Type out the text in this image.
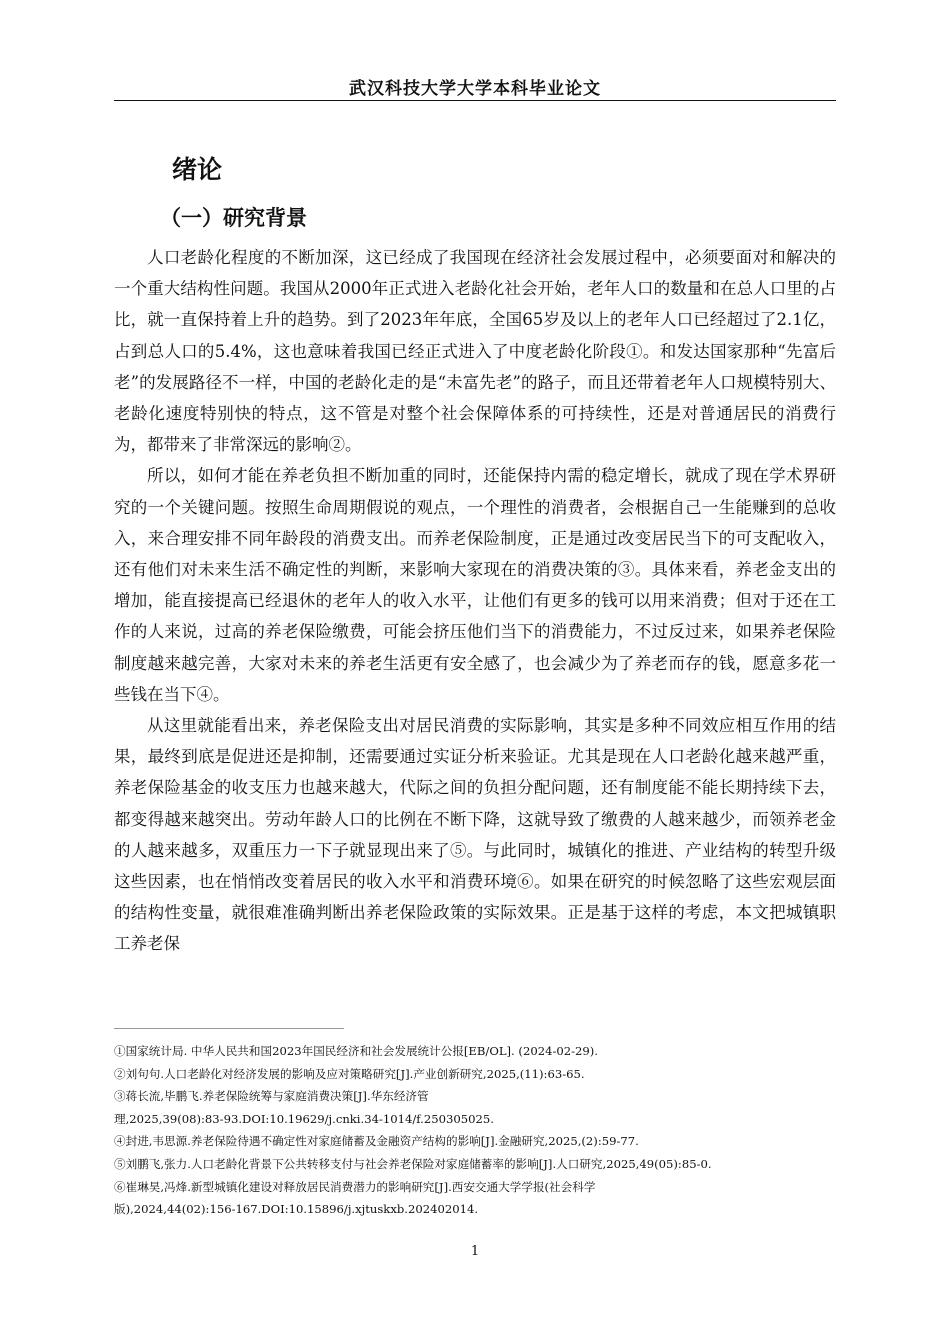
武汉科技大学大学本科毕业论文
绪论
（一）研究背景

人口老龄化程度的不断加深，这已经成了我国现在经济社会发展过程中，必须要面对和解决的一个重大结构性问题。我国从2000年正式进入老龄化社会开始，老年人口的数量和在总人口里的占比，就一直保持着上升的趋势。到了2023年年底，全国65岁及以上的老年人口已经超过了2.1亿，占到总人口的5.4%，这也意味着我国已经正式进入了中度老龄化阶段①。和发达国家那种“先富后老”的发展路径不一样，中国的老龄化走的是“未富先老”的路子，而且还带着老年人口规模特别大、老龄化速度特别快的特点，这不管是对整个社会保障体系的可持续性，还是对普通居民的消费行为，都带来了非常深远的影响②。

所以，如何才能在养老负担不断加重的同时，还能保持内需的稳定增长，就成了现在学术界研究的一个关键问题。按照生命周期假说的观点，一个理性的消费者，会根据自己一生能赚到的总收入，来合理安排不同年龄段的消费支出。而养老保险制度，正是通过改变居民当下的可支配收入，还有他们对未来生活不确定性的判断，来影响大家现在的消费决策的③。具体来看，养老金支出的增加，能直接提高已经退休的老年人的收入水平，让他们有更多的钱可以用来消费；但对于还在工作的人来说，过高的养老保险缴费，可能会挤压他们当下的消费能力，不过反过来，如果养老保险制度越来越完善，大家对未来的养老生活更有安全感了，也会减少为了养老而存的钱，愿意多花一些钱在当下④。

从这里就能看出来，养老保险支出对居民消费的实际影响，其实是多种不同效应相互作用的结果，最终到底是促进还是抑制，还需要通过实证分析来验证。尤其是现在人口老龄化越来越严重，养老保险基金的收支压力也越来越大，代际之间的负担分配问题，还有制度能不能长期持续下去，都变得越来越突出。劳动年龄人口的比例在不断下降，这就导致了缴费的人越来越少，而领养老金的人越来越多，双重压力一下子就显现出来了⑤。与此同时，城镇化的推进、产业结构的转型升级这些因素，也在悄悄改变着居民的收入水平和消费环境⑥。如果在研究的时候忽略了这些宏观层面的结构性变量，就很难准确判断出养老保险政策的实际效果。正是基于这样的考虑，本文把城镇职工养老保

①国家统计局. 中华人民共和国2023年国民经济和社会发展统计公报[EB/OL]. (2024-02-29).
②刘句句.人口老龄化对经济发展的影响及应对策略研究[J].产业创新研究,2025,(11):63-65.
③蒋长流,毕鹏飞.养老保险统筹与家庭消费决策[J].华东经济管
理,2025,39(08):83-93.DOI:10.19629/j.cnki.34-1014/f.250305025.
④封进,韦思源.养老保险待遇不确定性对家庭储蓄及金融资产结构的影响[J].金融研究,2025,(2):59-77.
⑤刘鹏飞,张力.人口老龄化背景下公共转移支付与社会养老保险对家庭储蓄率的影响[J].人口研究,2025,49(05):85-0.
⑥崔琳昊,冯烽.新型城镇化建设对释放居民消费潜力的影响研究[J].西安交通大学学报(社会科学
版),2024,44(02):156-167.DOI:10.15896/j.xjtuskxb.202402014.
1
